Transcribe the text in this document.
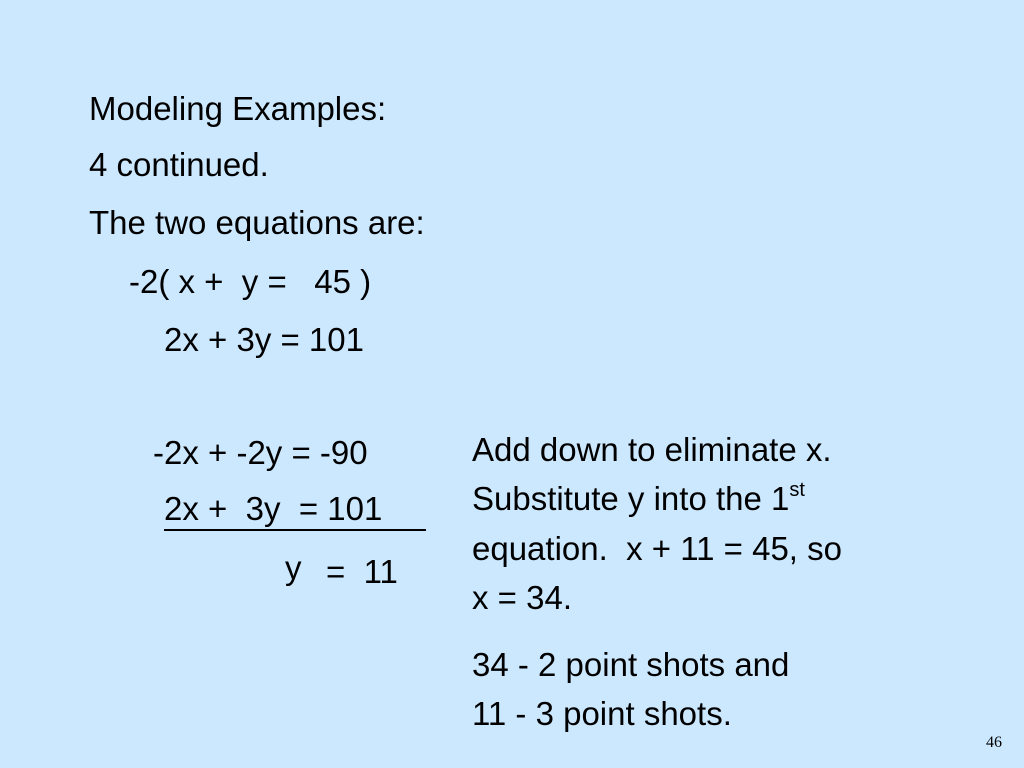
Modeling Examples:
4 continued.
The two equations are:
-2( x +  y =   45 )
2x + 3y = 101
-2x + -2y = -90
2x +  3y  = 101
y =  11
Add down to eliminate x.
Substitute y into the 1st
equation.  x + 11 = 45, so
x = 34.
34 - 2 point shots and
11 - 3 point shots.
46
